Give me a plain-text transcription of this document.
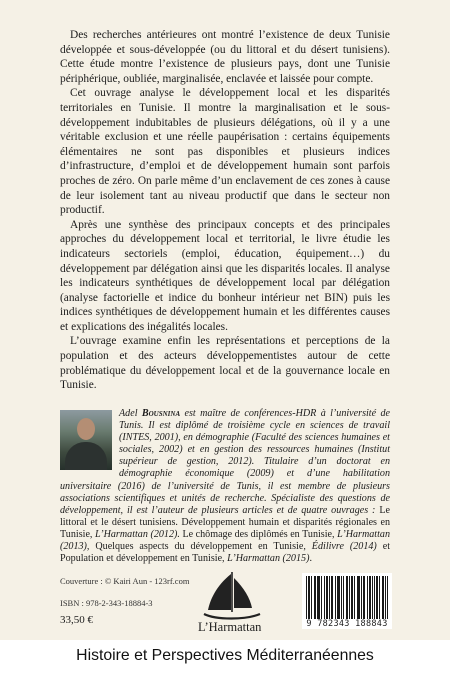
Des recherches antérieures ont montré l’existence de deux Tunisie développée et sous-développée (ou du littoral et du désert tunisiens). Cette étude montre l’existence de plusieurs pays, dont une Tunisie périphérique, oubliée, marginalisée, enclavée et laissée pour compte.

Cet ouvrage analyse le développement local et les disparités territoriales en Tunisie. Il montre la marginalisation et le sous-développement indubitables de plusieurs délégations, où il y a une véritable exclusion et une réelle paupérisation : certains équipements élémentaires ne sont pas disponibles et plusieurs indices d’infrastructure, d’emploi et de développement humain sont parfois proches de zéro. On parle même d’un enclavement de ces zones à cause de leur isolement tant au niveau productif que dans le secteur non productif.

Après une synthèse des principaux concepts et des principales approches du développement local et territorial, le livre étudie les indicateurs sectoriels (emploi, éducation, équipement…) du développement par délégation ainsi que les disparités locales. Il analyse les indicateurs synthétiques de développement local par délégation (analyse factorielle et indice du bonheur intérieur net BIN) puis les indices synthétiques de développement humain et les différentes causes et explications des inégalités locales.

L’ouvrage examine enfin les représentations et perceptions de la population et des acteurs développementistes autour de cette problématique du développement local et de la gouvernance locale en Tunisie.

Adel Bousnina est maître de conférences-HDR à l’université de Tunis. Il est diplômé de troisième cycle en sciences de travail (INTES, 2001), en démographie (Faculté des sciences humaines et sociales, 2002) et en gestion des ressources humaines (Institut supérieur de gestion, 2012). Titulaire d’un doctorat en démographie économique (2009) et d’une habilitation universitaire (2016) de l’université de Tunis, il est membre de plusieurs associations scientifiques et unités de recherche. Spécialiste des questions de développement, il est l’auteur de plusieurs articles et de quatre ouvrages : Le littoral et le désert tunisiens. Développement humain et disparités régionales en Tunisie, L’Harmattan (2012). Le chômage des diplômés en Tunisie, L’Harmattan (2013), Quelques aspects du développement en Tunisie, Édilivre (2014) et Population et développement en Tunisie, L’Harmattan (2015).
Couverture : © Kairi Aun - 123rf.com
ISBN : 978-2-343-18884-3
33,50 €	L’Harmattan	9 782343 188843
Histoire et Perspectives Méditerranéennes
